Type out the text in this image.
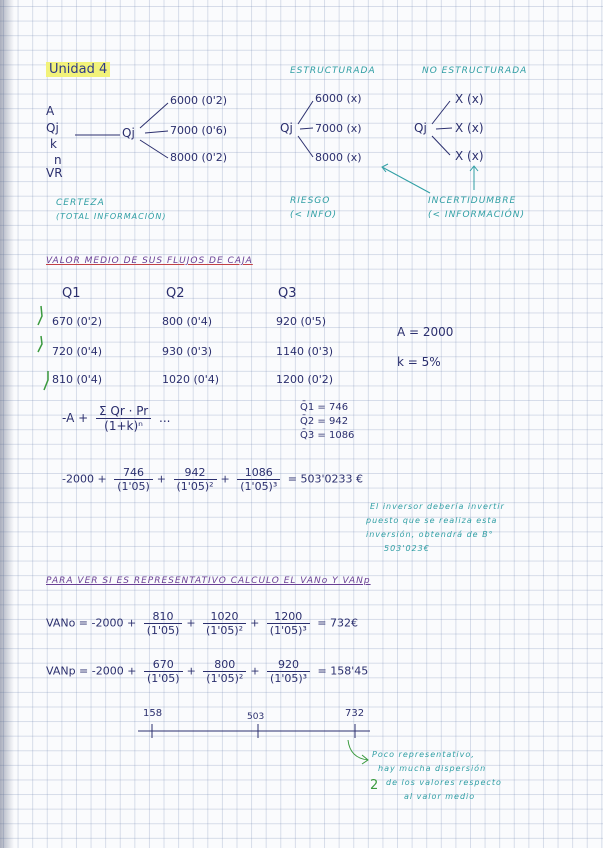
Unidad 4
A
Qj
k
n
VR
Qj
6000 (0'2)
7000 (0'6)
8000 (0'2)
CERTEZA
(TOTAL INFORMACIÓN)
ESTRUCTURADA
Qj
6000 (x)
7000 (x)
8000 (x)
RIESGO
(< INFO)
NO ESTRUCTURADA
Qj
X (x)
X (x)
X (x)
INCERTIDUMBRE
(< INFORMACIÓN)
VALOR MEDIO DE SUS FLUJOS DE CAJA
Q1	Q2	Q3
670 (0'2)	800 (0'4)	920 (0'5)
720 (0'4)	930 (0'3)	1140 (0'3)
810 (0'4)	1020 (0'4)	1200 (0'2)
A = 2000
k = 5%
$-A + \frac{\text{Σ Qr · Pr}}{\text{(1+k)ⁿ}}$ ...
Q̄1 = 746
Q̄2 = 942
Q̄3 = 1086
$-2000 + \frac{746}{(1'05)} + \frac{942}{\text{(1'05)²}} + \frac{1086}{\text{(1'05)³}} = 503'0233$ €
El inversor debería invertir
puesto que se realiza esta
inversión, obtendrá de B°
503'023€
PARA VER SI ES REPRESENTATIVO CALCULO EL VANo Y VANp
VANo = $-2000 + \frac{810}{(1'05)} + \frac{1020}{\text{(1'05)²}} + \frac{1200}{\text{(1'05)³}}$ = 732€
VANp = $-2000 + \frac{670}{(1'05)} + \frac{800}{\text{(1'05)²}} + \frac{920}{\text{(1'05)³}} = 158'45$
158	503	732
Poco representativo,
hay mucha dispersión
de los valores respecto
al valor medio
2
